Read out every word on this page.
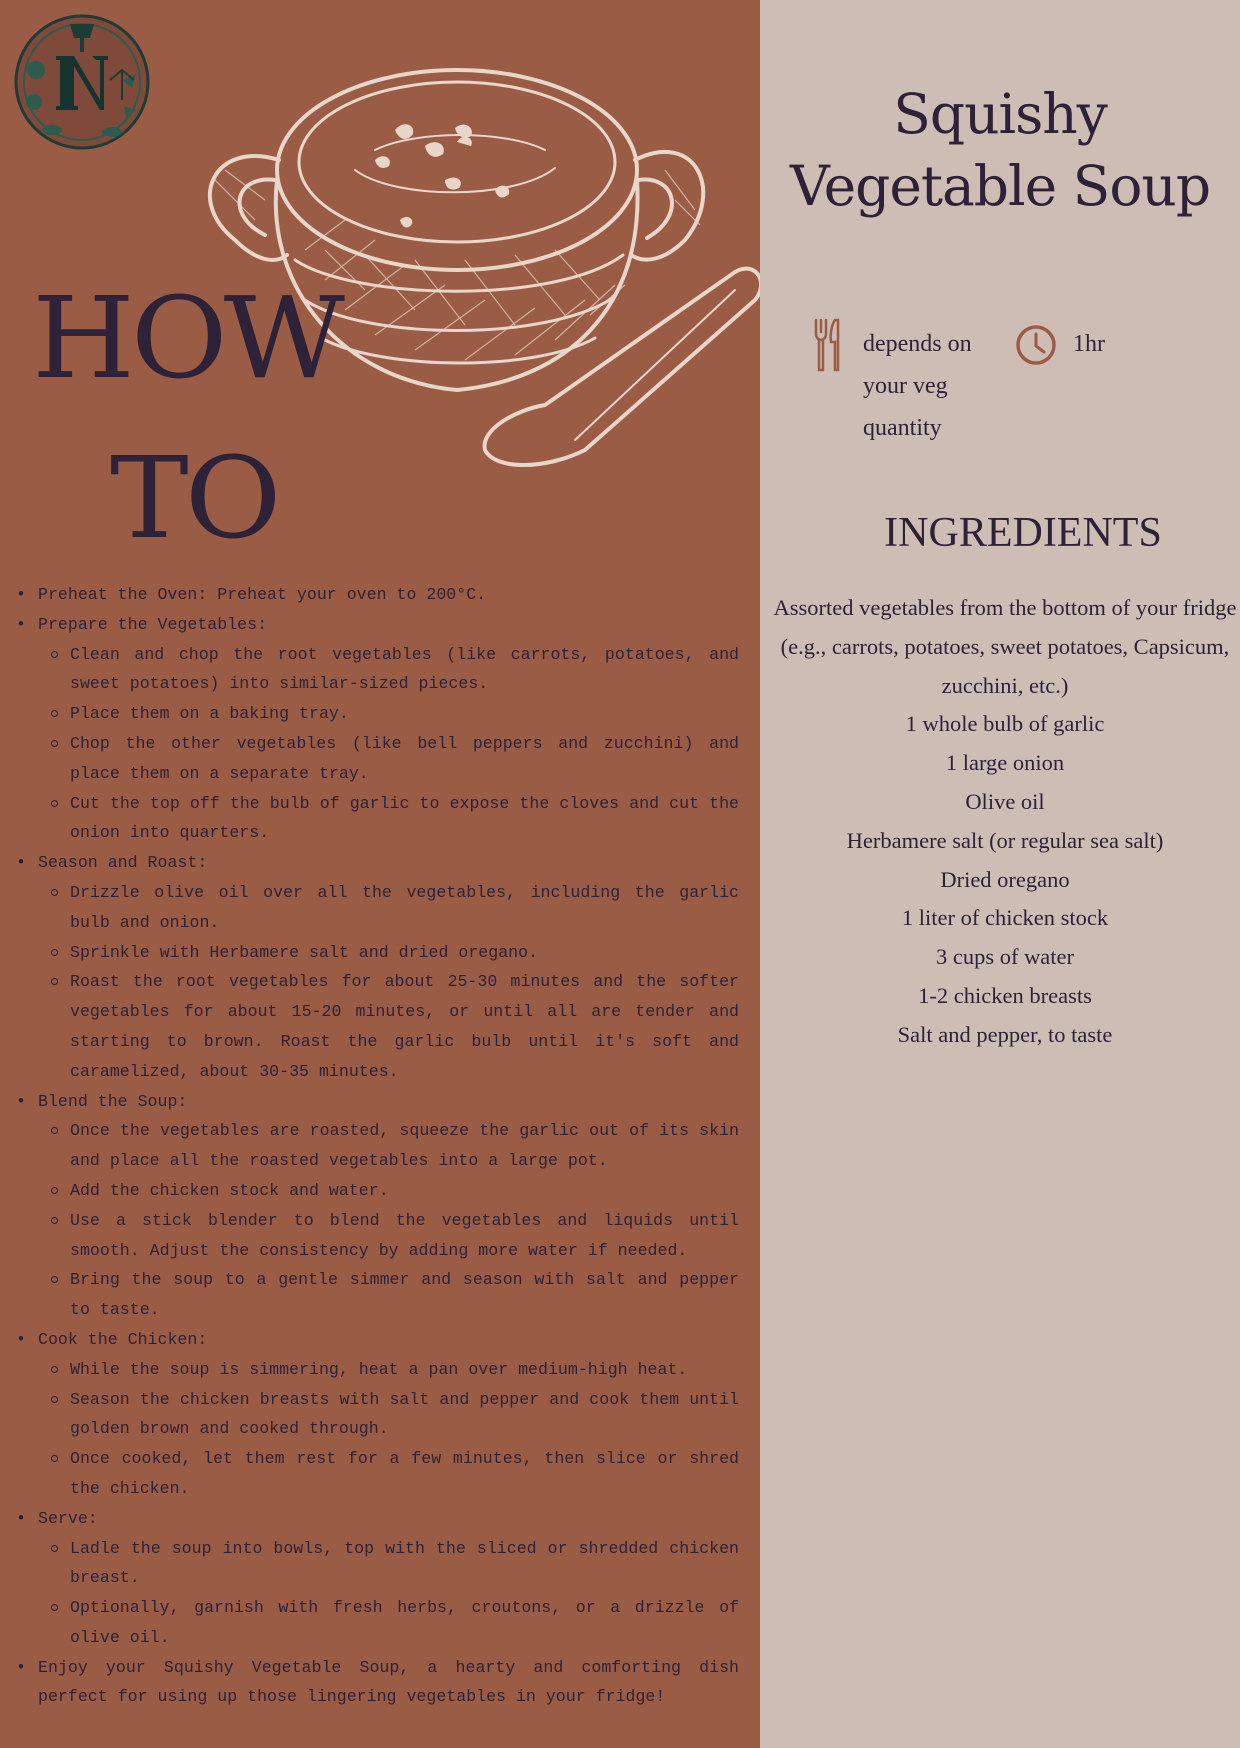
HOW
TO
• Preheat the Oven: Preheat your oven to 200°C.
• Prepare the Vegetables:
Clean and chop the root vegetables (like carrots, potatoes, and sweet potatoes) into similar-sized pieces.
Place them on a baking tray.
Chop the other vegetables (like bell peppers and zucchini) and place them on a separate tray.
Cut the top off the bulb of garlic to expose the cloves and cut the onion into quarters.
• Season and Roast:
Drizzle olive oil over all the vegetables, including the garlic bulb and onion.
Sprinkle with Herbamere salt and dried oregano.
Roast the root vegetables for about 25-30 minutes and the softer vegetables for about 15-20 minutes, or until all are tender and starting to brown. Roast the garlic bulb until it's soft and caramelized, about 30-35 minutes.
• Blend the Soup:
Once the vegetables are roasted, squeeze the garlic out of its skin and place all the roasted vegetables into a large pot.
Add the chicken stock and water.
Use a stick blender to blend the vegetables and liquids until smooth. Adjust the consistency by adding more water if needed.
Bring the soup to a gentle simmer and season with salt and pepper to taste.
• Cook the Chicken:
While the soup is simmering, heat a pan over medium-high heat.
Season the chicken breasts with salt and pepper and cook them until golden brown and cooked through.
Once cooked, let them rest for a few minutes, then slice or shred the chicken.
• Serve:
Ladle the soup into bowls, top with the sliced or shredded chicken breast.
Optionally, garnish with fresh herbs, croutons, or a drizzle of olive oil.
• Enjoy your Squishy Vegetable Soup, a hearty and comforting dish perfect for using up those lingering vegetables in your fridge!
Squishy Vegetable Soup
depends on your veg quantity
1hr
INGREDIENTS
Assorted vegetables from the bottom of your fridge (e.g., carrots, potatoes, sweet potatoes, Capsicum, zucchini, etc.)
1 whole bulb of garlic
1 large onion
Olive oil
Herbamere salt (or regular sea salt)
Dried oregano
1 liter of chicken stock
3 cups of water
1-2 chicken breasts
Salt and pepper, to taste
